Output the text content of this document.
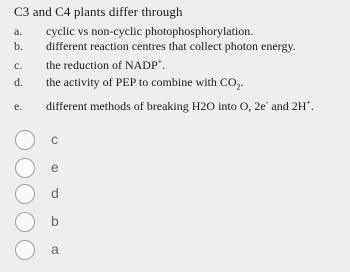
C3 and C4 plants differ through
a. cyclic vs non-cyclic photophosphorylation.
b. different reaction centres that collect photon energy.
c. the reduction of NADP+.
d. the activity of PEP to combine with $CO_2$.
e. different methods of breaking H2O into O, 2e- and 2H+.
c
e
d
b
a
